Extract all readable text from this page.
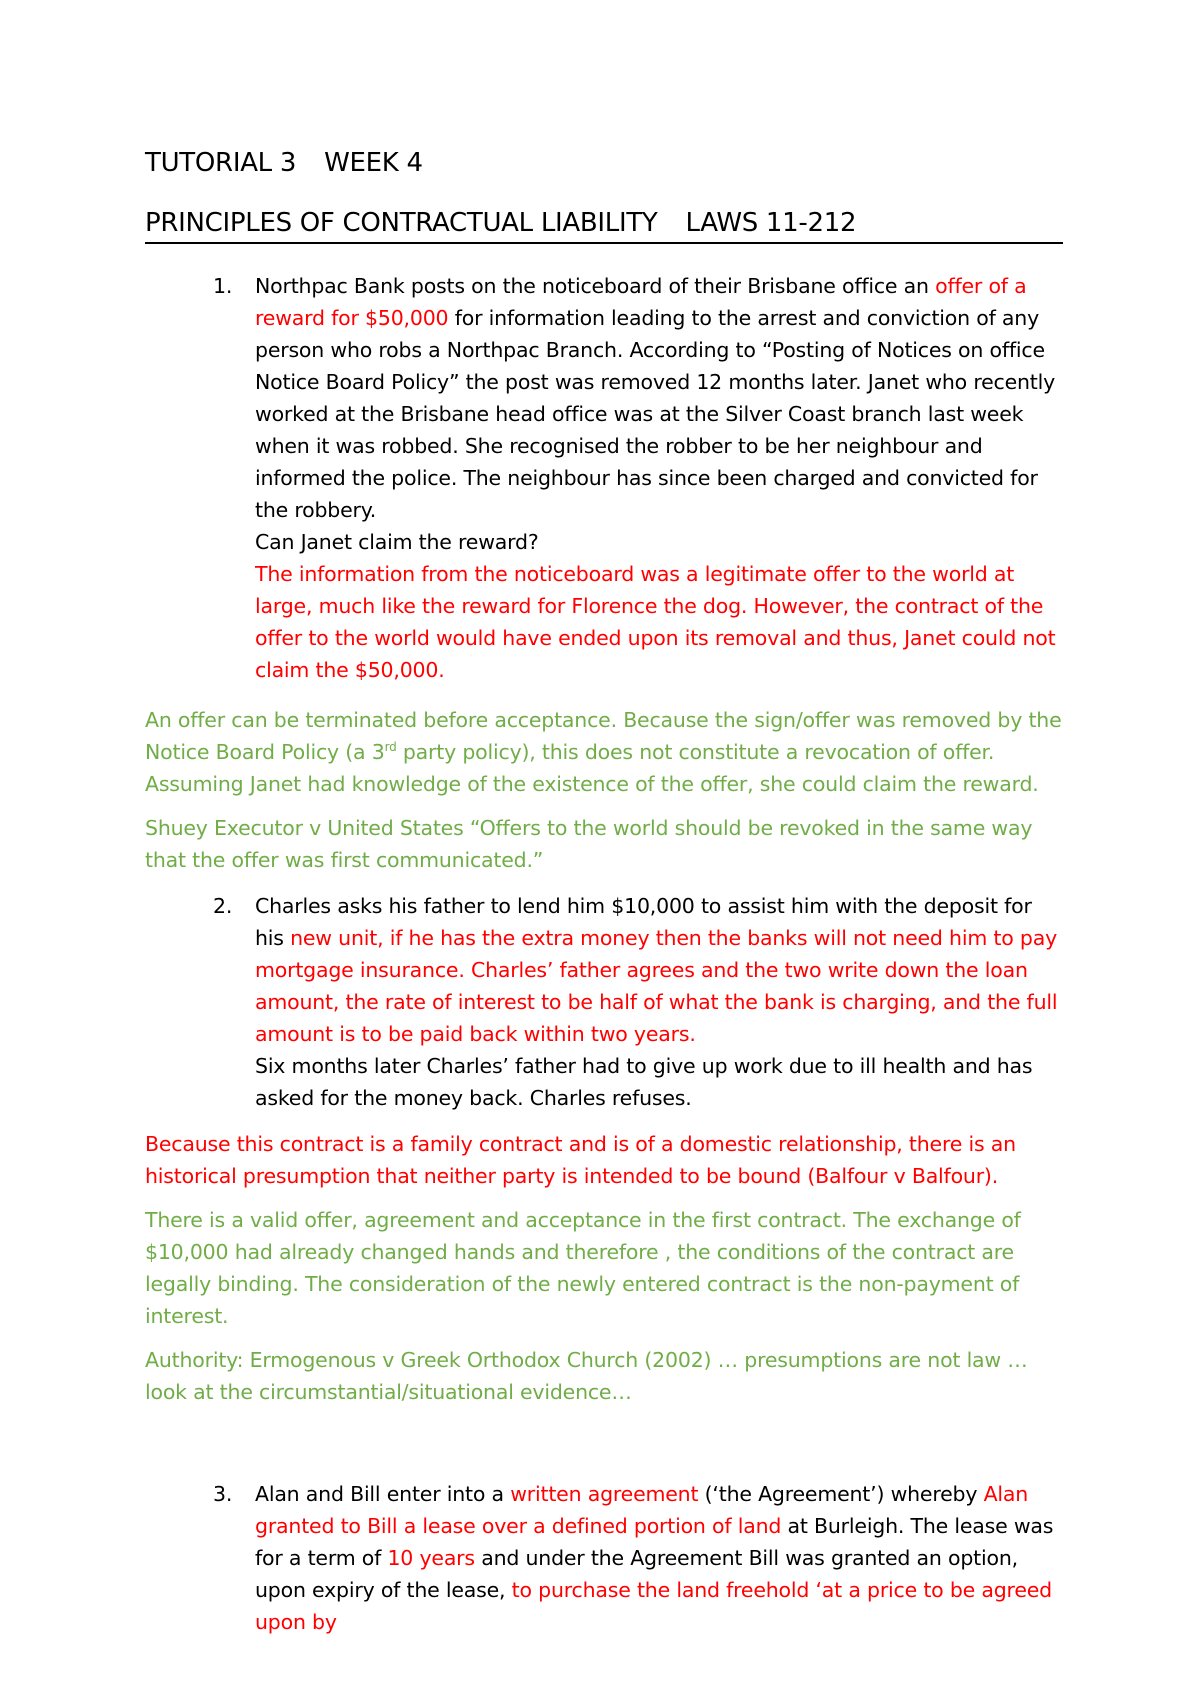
TUTORIAL 3 WEEK 4
PRINCIPLES OF CONTRACTUAL LIABILITY LAWS 11-212
1. Northpac Bank posts on the noticeboard of their Brisbane office an offer of a reward for $50,000 for information leading to the arrest and conviction of any person who robs a Northpac Branch. According to “Posting of Notices on office Notice Board Policy” the post was removed 12 months later. Janet who recently worked at the Brisbane head office was at the Silver Coast branch last week when it was robbed. She recognised the robber to be her neighbour and informed the police. The neighbour has since been charged and convicted for the robbery.
Can Janet claim the reward?
The information from the noticeboard was a legitimate offer to the world at large, much like the reward for Florence the dog. However, the contract of the offer to the world would have ended upon its removal and thus, Janet could not claim the $50,000.

An offer can be terminated before acceptance. Because the sign/offer was removed by the Notice Board Policy (a 3rd party policy), this does not constitute a revocation of offer. Assuming Janet had knowledge of the existence of the offer, she could claim the reward.

Shuey Executor v United States “Offers to the world should be revoked in the same way that the offer was first communicated.”

2. Charles asks his father to lend him $10,000 to assist him with the deposit for his new unit, if he has the extra money then the banks will not need him to pay mortgage insurance. Charles’ father agrees and the two write down the loan amount, the rate of interest to be half of what the bank is charging, and the full amount is to be paid back within two years.
Six months later Charles’ father had to give up work due to ill health and has asked for the money back. Charles refuses.

Because this contract is a family contract and is of a domestic relationship, there is an historical presumption that neither party is intended to be bound (Balfour v Balfour).

There is a valid offer, agreement and acceptance in the first contract. The exchange of $10,000 had already changed hands and therefore , the conditions of the contract are legally binding. The consideration of the newly entered contract is the non-payment of interest.

Authority: Ermogenous v Greek Orthodox Church (2002) … presumptions are not law … look at the circumstantial/situational evidence…

3. Alan and Bill enter into a written agreement (‘the Agreement’) whereby Alan granted to Bill a lease over a defined portion of land at Burleigh. The lease was for a term of 10 years and under the Agreement Bill was granted an option, upon expiry of the lease, to purchase the land freehold ‘at a price to be agreed upon by
